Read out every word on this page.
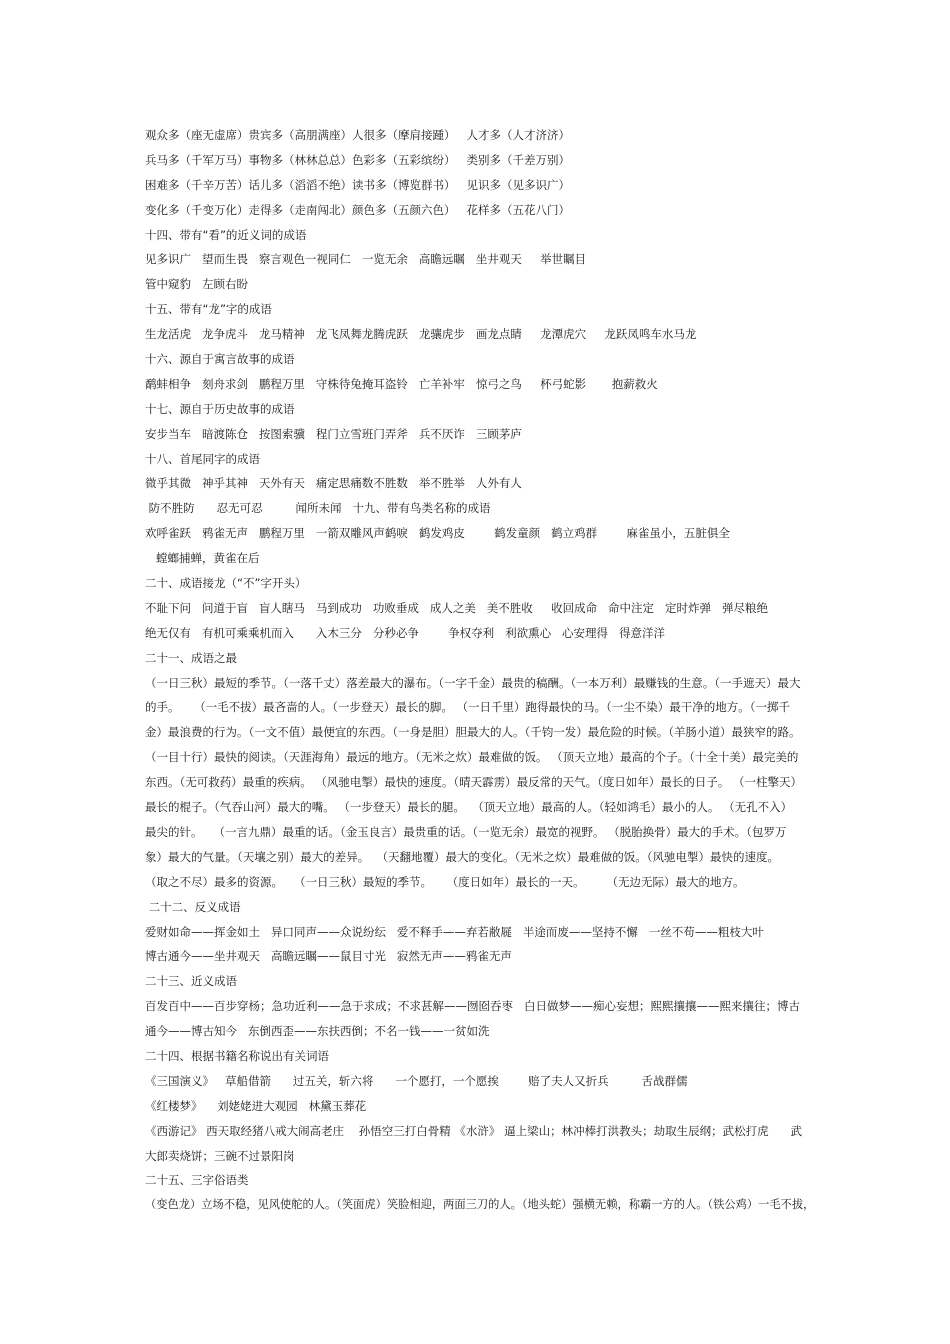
观众多（座无虚席）贵宾多（高朋满座）人很多（摩肩接踵）   人才多（人才济济）
兵马多（千军万马）事物多（林林总总）色彩多（五彩缤纷）   类别多（千差万别）
困难多（千辛万苦）话儿多（滔滔不绝）读书多（博览群书）   见识多（见多识广）
变化多（千变万化）走得多（走南闯北）颜色多（五颜六色）   花样多（五花八门）
十四、带有“看”的近义词的成语
见多识广   望而生畏   察言观色一视同仁   一览无余   高瞻远瞩   坐井观天     举世瞩目
管中窥豹   左顾右盼
十五、带有“龙”字的成语
生龙活虎   龙争虎斗   龙马精神   龙飞凤舞龙腾虎跃   龙骧虎步   画龙点睛     龙潭虎穴     龙跃凤鸣车水马龙
十六、源自于寓言故事的成语
鹬蚌相争   刻舟求剑   鹏程万里   守株待兔掩耳盗铃   亡羊补牢   惊弓之鸟     杯弓蛇影       抱薪救火
十七、源自于历史故事的成语
安步当车   暗渡陈仓   按图索骥   程门立雪班门弄斧   兵不厌诈   三顾茅庐
十八、首尾同字的成语
微乎其微   神乎其神   天外有天   痛定思痛数不胜数   举不胜举   人外有人
防不胜防      忍无可忍         闻所未闻   十九、带有鸟类名称的成语
欢呼雀跃   鸦雀无声   鹏程万里   一箭双雕风声鹤唳   鹤发鸡皮        鹤发童颜   鹤立鸡群        麻雀虽小，五脏俱全
螳螂捕蝉，黄雀在后
二十、成语接龙（“不”字开头）
不耻下问   问道于盲   盲人瞎马   马到成功   功败垂成   成人之美   美不胜收     收回成命   命中注定   定时炸弹   弹尽粮绝
绝无仅有   有机可乘乘机而入      入木三分   分秒必争        争权夺利   利欲熏心   心安理得   得意洋洋
二十一、成语之最
（一日三秋）最短的季节。（一落千丈）落差最大的瀑布。（一字千金）最贵的稿酬。（一本万利）最赚钱的生意。（一手遮天）最大
的手。    （一毛不拔）最吝啬的人。（一步登天）最长的脚。 （一日千里）跑得最快的马。（一尘不染）最干净的地方。（一掷千
金）最浪费的行为。（一文不值）最便宜的东西。（一身是胆）胆最大的人。（千钧一发）最危险的时候。（羊肠小道）最狭窄的路。
（一目十行）最快的阅读。（天涯海角）最远的地方。（无米之炊）最难做的饭。 （顶天立地）最高的个子。（十全十美）最完美的
东西。（无可救药）最重的疾病。 （风驰电掣）最快的速度。（晴天霹雳）最反常的天气。（度日如年）最长的日子。 （一柱擎天）
最长的棍子。（气吞山河）最大的嘴。 （一步登天）最长的腿。  （顶天立地）最高的人。（轻如鸿毛）最小的人。 （无孔不入）
最尖的针。   （一言九鼎）最重的话。（金玉良言）最贵重的话。（一览无余）最宽的视野。 （脱胎换骨）最大的手术。（包罗万
象）最大的气量。（天壤之别）最大的差异。  （天翻地覆）最大的变化。（无米之炊）最难做的饭。（风驰电掣）最快的速度。
（取之不尽）最多的资源。   （一日三秋）最短的季节。    （度日如年）最长的一天。      （无边无际）最大的地方。
二十二、反义成语
爱财如命——挥金如土   异口同声——众说纷纭   爱不释手——弃若敝屣   半途而废——坚持不懈   一丝不苟——粗枝大叶
博古通今——坐井观天   高瞻远瞩——鼠目寸光   寂然无声——鸦雀无声
二十三、近义成语
百发百中——百步穿杨；急功近利——急于求成；不求甚解——囫囵吞枣   白日做梦——痴心妄想；熙熙攘攘——熙来攘往；博古
通今——博古知今   东倒西歪——东扶西倒；不名一钱——一贫如洗
二十四、根据书籍名称说出有关词语
《三国演义》   草船借箭      过五关，斩六将      一个愿打，一个愿挨        赔了夫人又折兵         舌战群儒
《红楼梦》    刘姥姥进大观园   林黛玉葬花
《西游记》 西天取经猪八戒大闹高老庄    孙悟空三打白骨精 《水浒》 逼上梁山；林冲棒打洪教头；劫取生辰纲；武松打虎      武
大郎卖烧饼；三碗不过景阳岗
二十五、三字俗语类
（变色龙）立场不稳，见风使舵的人。（笑面虎）笑脸相迎，两面三刀的人。（地头蛇）强横无赖，称霸一方的人。（铁公鸡）一毛不拔，
